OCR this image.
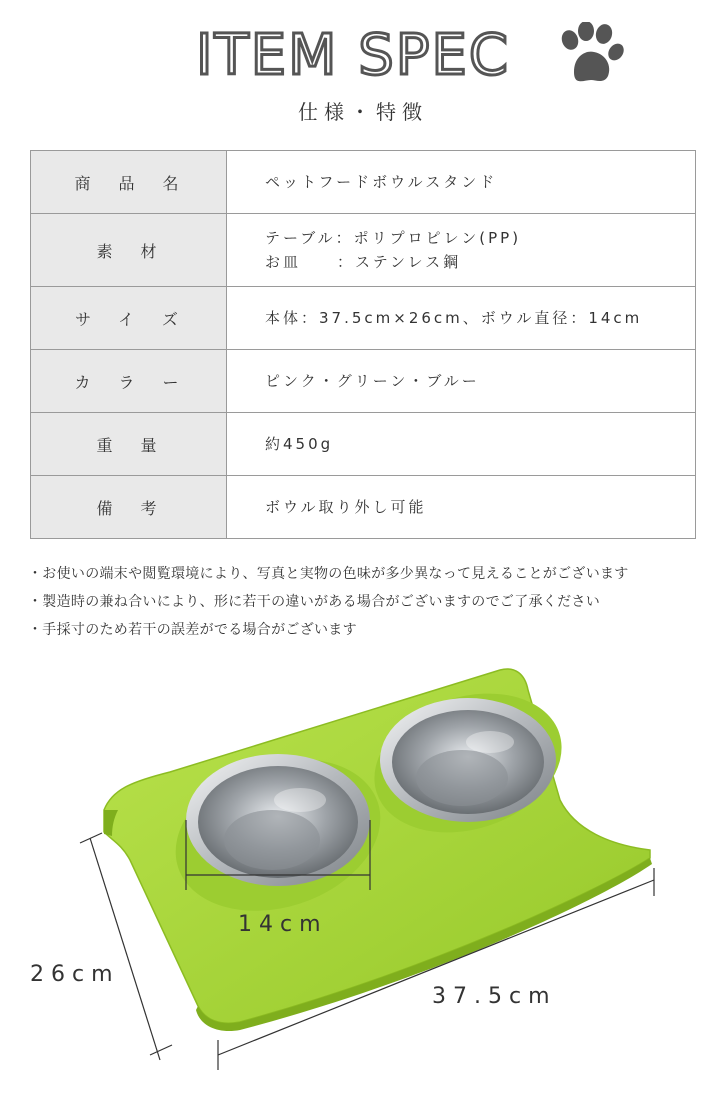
ITEM SPEC
仕様・特徴
商品名	ペットフードボウルスタンド

素材	テーブル：ポリプロピレン(PP)
お皿　　：ステンレス鋼

サイズ	本体：37.5cm×26cm、ボウル直径：14cm

カラー	ピンク・グリーン・ブルー

重量	約450g

備考	ボウル取り外し可能
・お使いの端末や閲覧環境により、写真と実物の色味が多少異なって見えることがございます
・製造時の兼ね合いにより、形に若干の違いがある場合がございますのでご了承ください
・手採寸のため若干の誤差がでる場合がございます
14cm
26cm
37.5cm
